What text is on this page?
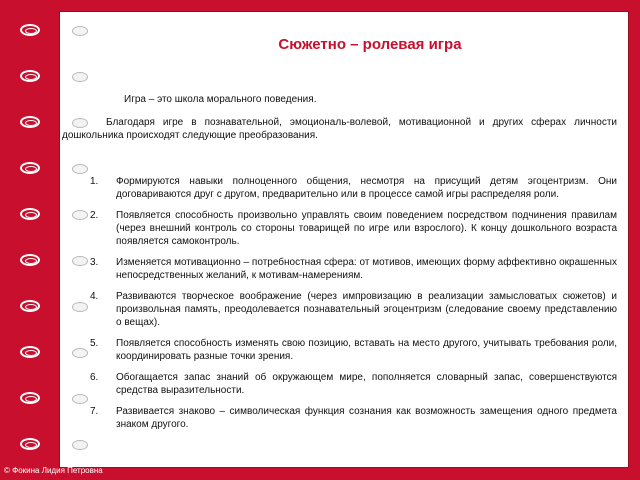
Сюжетно – ролевая игра
Игра – это школа морального поведения.
Благодаря игре в познавательной, эмоциональ-волевой, мотивационной и других сферах личности дошкольника происходят следующие преобразования.
1. Формируются навыки полноценного общения, несмотря на присущий детям эгоцентризм. Они договариваются друг с другом, предварительно или в процессе самой игры распределяя роли.
2. Появляется способность произвольно управлять своим поведением посредством подчинения правилам (через внешний контроль со стороны товарищей по игре или взрослого). К концу дошкольного возраста появляется самоконтроль.
3. Изменяется мотивационно – потребностная сфера: от мотивов, имеющих форму аффективно окрашенных непосредственных желаний, к мотивам-намерениям.
4. Развиваются творческое воображение (через импровизацию в реализации замысловатых сюжетов) и произвольная память, преодолевается познавательный эгоцентризм (следование своему представлению о вещах).
5. Появляется способность изменять свою позицию, вставать на место другого, учитывать требования роли, координировать разные точки зрения.
6. Обогащается запас знаний об окружающем мире, пополняется словарный запас, совершенствуются средства выразительности.
7. Развивается знаково – символическая функция сознания как возможность замещения одного предмета знаком другого.
© Фокина Лидия Петровна
